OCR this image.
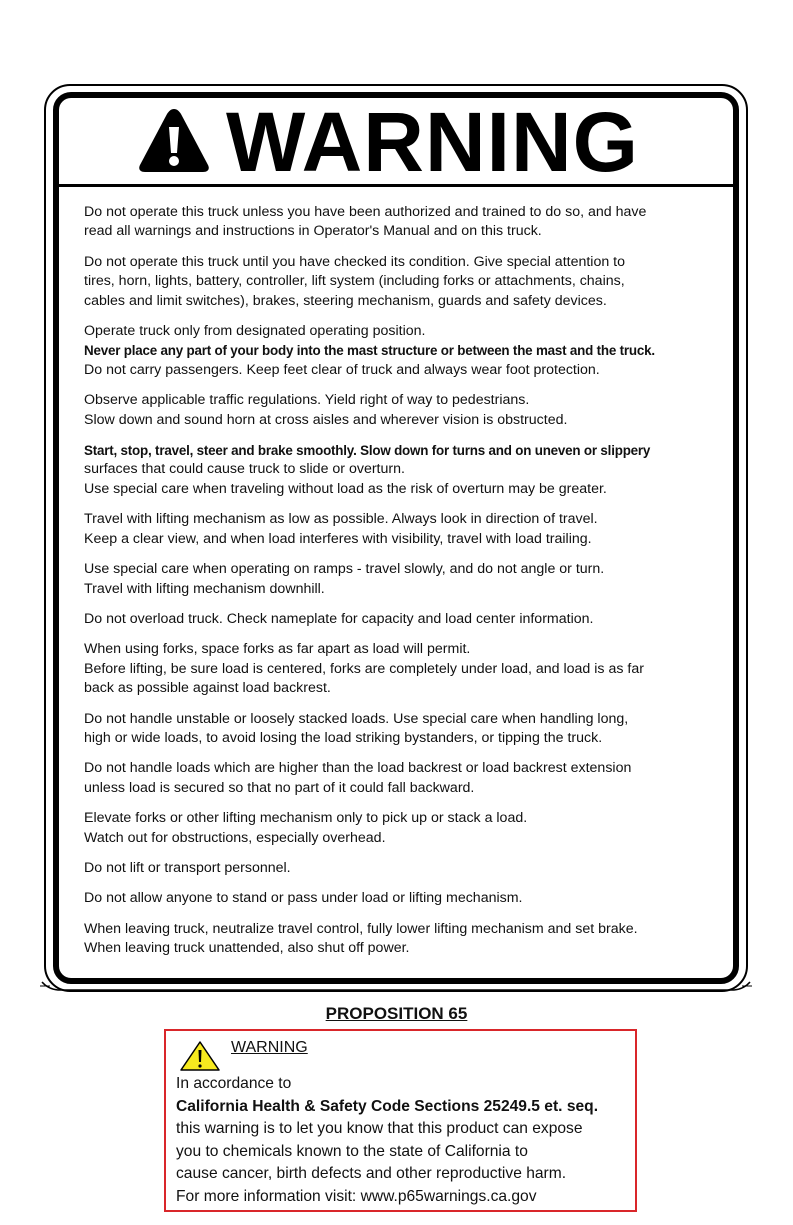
WARNING
Do not operate this truck unless you have been authorized and trained to do so, and have
read all warnings and instructions in Operator's Manual and on this truck.
Do not operate this truck until you have checked its condition. Give special attention to
tires, horn, lights, battery, controller, lift system (including forks or attachments, chains,
cables and limit switches), brakes, steering mechanism, guards and safety devices.
Operate truck only from designated operating position.
Never place any part of your body into the mast structure or between the mast and the truck.
Do not carry passengers. Keep feet clear of truck and always wear foot protection.
Observe applicable traffic regulations. Yield right of way to pedestrians.
Slow down and sound horn at cross aisles and wherever vision is obstructed.
Start, stop, travel, steer and brake smoothly. Slow down for turns and on uneven or slippery
surfaces that could cause truck to slide or overturn.
Use special care when traveling without load as the risk of overturn may be greater.
Travel with lifting mechanism as low as possible. Always look in direction of travel.
Keep a clear view, and when load interferes with visibility, travel with load trailing.
Use special care when operating on ramps - travel slowly, and do not angle or turn.
Travel with lifting mechanism downhill.
Do not overload truck. Check nameplate for capacity and load center information.
When using forks, space forks as far apart as load will permit.
Before lifting, be sure load is centered, forks are completely under load, and load is as far
back as possible against load backrest.
Do not handle unstable or loosely stacked loads. Use special care when handling long,
high or wide loads, to avoid losing the load striking bystanders, or tipping the truck.
Do not handle loads which are higher than the load backrest or load backrest extension
unless load is secured so that no part of it could fall backward.
Elevate forks or other lifting mechanism only to pick up or stack a load.
Watch out for obstructions, especially overhead.
Do not lift or transport personnel.
Do not allow anyone to stand or pass under load or lifting mechanism.
When leaving truck, neutralize travel control, fully lower lifting mechanism and set brake.
When leaving truck unattended, also shut off power.
PROPOSITION 65
WARNING
In accordance to
California Health & Safety Code Sections 25249.5 et. seq.
this warning is to let you know that this product can expose
you to chemicals known to the state of California to
cause cancer, birth defects and other reproductive harm.
For more information visit: www.p65warnings.ca.gov
